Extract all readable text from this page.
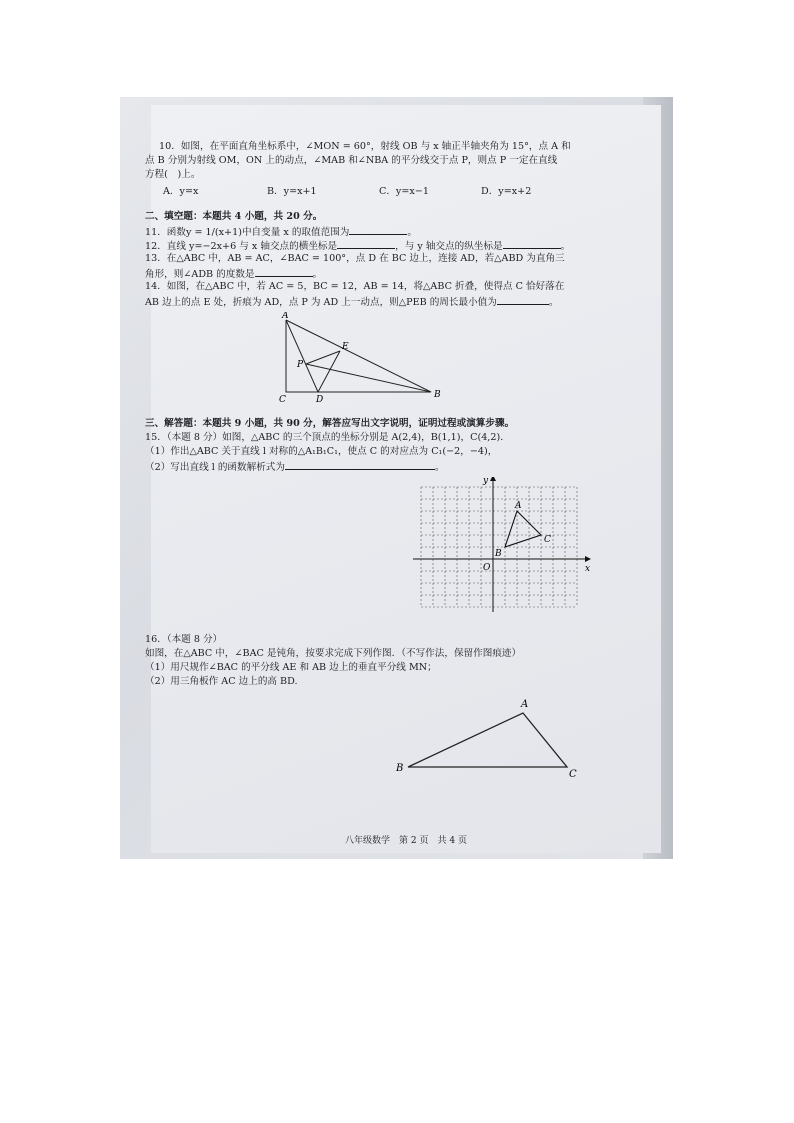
10．如图，在平面直角坐标系中，∠MON = 60°，射线 OB 与 x 轴正半轴夹角为 15°，点 A 和
点 B 分别为射线 OM，ON 上的动点，∠MAB 和∠NBA 的平分线交于点 P，则点 P 一定在直线
方程(　)上。
A．y=x	B．y=x+1	C．y=x−1	D．y=x+2
二、填空题：本题共 4 小题，共 20 分。
11．函数y = 1/(x+1)中自变量 x 的取值范围为	。
12．直线 y=−2x+6 与 x 轴交点的横坐标是	，与 y 轴交点的纵坐标是	。
13．在△ABC 中，AB = AC，∠BAC = 100°，点 D 在 BC 边上，连接 AD，若△ABD 为直角三
角形，则∠ADB 的度数是	。
14．如图，在△ABC 中，若 AC = 5，BC = 12，AB = 14，将△ABC 折叠，使得点 C 恰好落在
AB 边上的点 E 处，折痕为 AD，点 P 为 AD 上一动点，则△PEB 的周长最小值为	。
A
E
P
C	D	B
三、解答题：本题共 9 小题，共 90 分，解答应写出文字说明，证明过程或演算步骤。
15．（本题 8 分）如图，△ABC 的三个顶点的坐标分别是 A(2,4)，B(1,1)，C(4,2)．
（1）作出△ABC 关于直线 l 对称的△A₁B₁C₁，使点 C 的对应点为 C₁(−2，−4)，
（2）写出直线 l 的函数解析式为	。
y
x
O
A
B
C
16．（本题 8 分）
如图，在△ABC 中，∠BAC 是钝角，按要求完成下列作图．（不写作法，保留作图痕迹）
（1）用尺规作∠BAC 的平分线 AE 和 AB 边上的垂直平分线 MN；
（2）用三角板作 AC 边上的高 BD.
A
B
C
八年级数学　第 2 页　共 4 页
